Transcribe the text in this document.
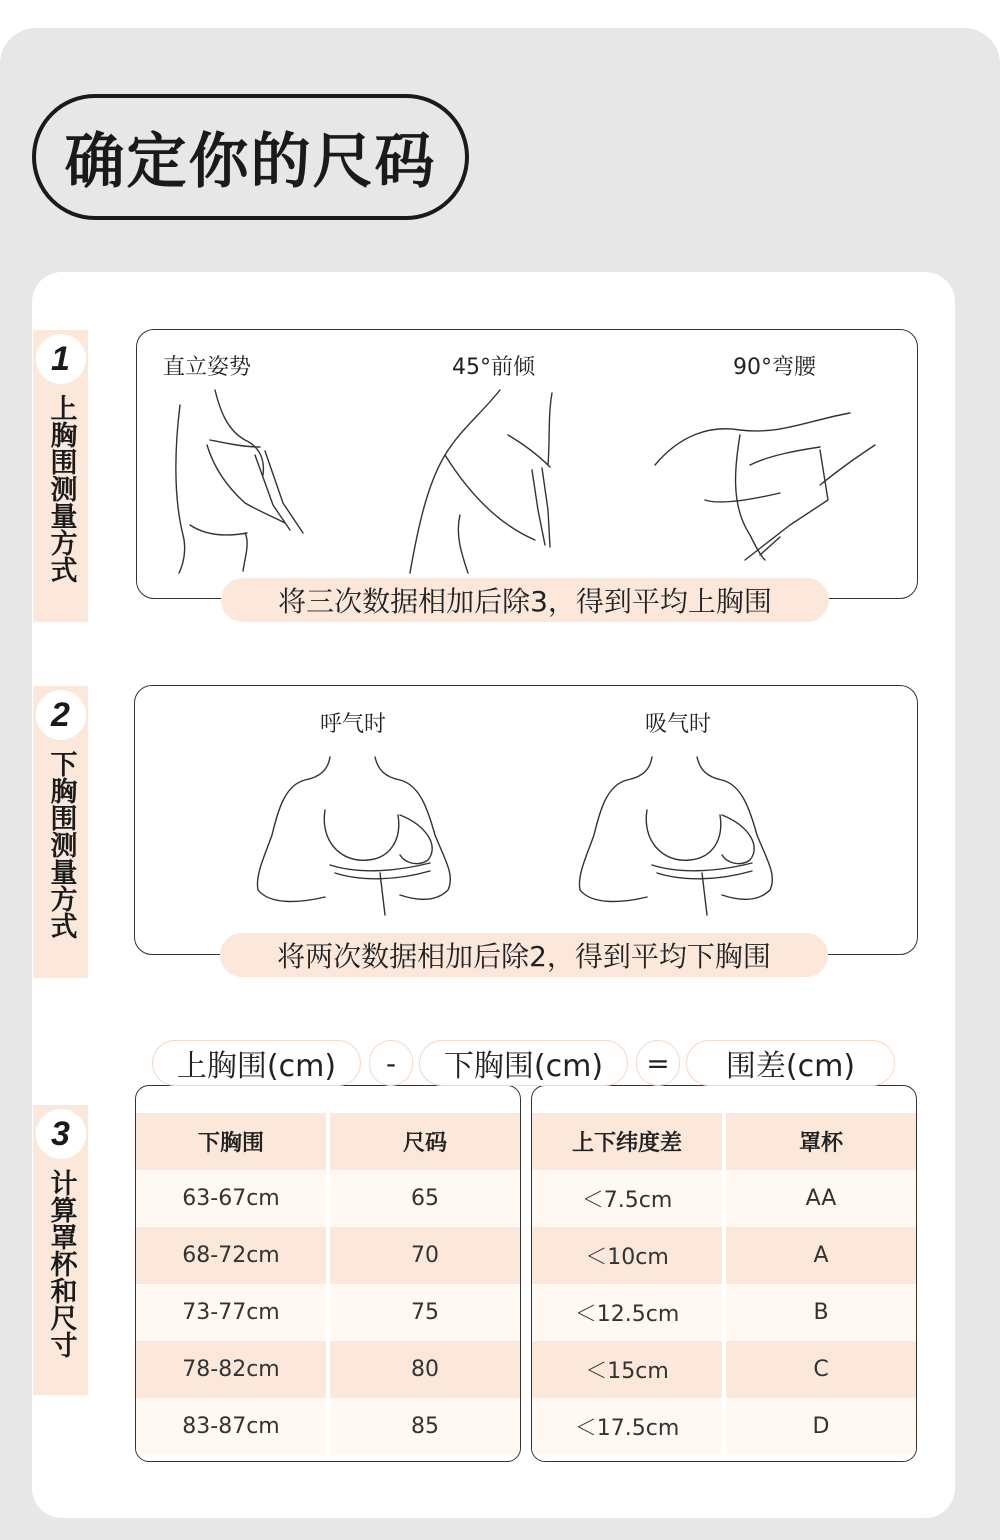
确定你的尺码
1
上胸围测量方式
直立姿势	45°前倾	90°弯腰
将三次数据相加后除3，得到平均上胸围
2
下胸围测量方式
呼气时	吸气时
将两次数据相加后除2，得到平均下胸围
3
计算罩杯和尺寸
下胸围	尺码
63-67cm	65
68-72cm	70
73-77cm	75
78-82cm	80
83-87cm	85
上下纬度差	罩杯
＜7.5cm	AA
＜10cm	A
＜12.5cm	B
＜15cm	C
＜17.5cm	D
上胸围(cm) - 下胸围(cm) = 围差(cm)
